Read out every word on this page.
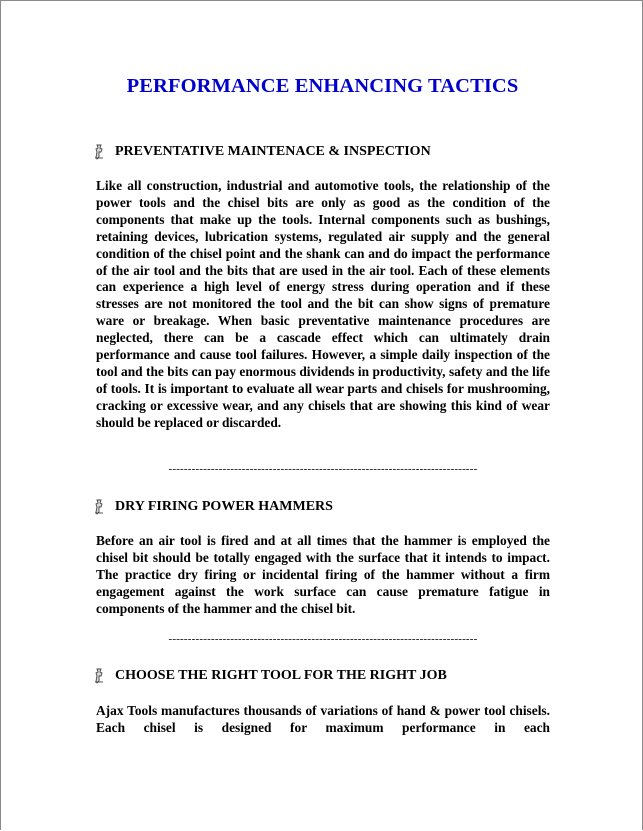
PERFORMANCE ENHANCING TACTICS
PREVENTATIVE MAINTENACE & INSPECTION

Like all construction, industrial and automotive tools, the relationship of the power tools and the chisel bits are only as good as the condition of the components that make up the tools. Internal components such as bushings, retaining devices, lubrication systems, regulated air supply and the general condition of the chisel point and the shank can and do impact the performance of the air tool and the bits that are used in the air tool. Each of these elements can experience a high level of energy stress during operation and if these stresses are not monitored the tool and the bit can show signs of premature ware or breakage. When basic preventative maintenance procedures are neglected, there can be a cascade effect which can ultimately drain performance and cause tool failures. However, a simple daily inspection of the tool and the bits can pay enormous dividends in productivity, safety and the life of tools. It is important to evaluate all wear parts and chisels for mushrooming, cracking or excessive wear, and any chisels that are showing this kind of wear should be replaced or discarded.

--------------------------------------------------------------------------------
DRY FIRING POWER HAMMERS

Before an air tool is fired and at all times that the hammer is employed the chisel bit should be totally engaged with the surface that it intends to impact. The practice dry firing or incidental firing of the hammer without a firm engagement against the work surface can cause premature fatigue in components of the hammer and the chisel bit.

--------------------------------------------------------------------------------
CHOOSE THE RIGHT TOOL FOR THE RIGHT JOB

Ajax Tools manufactures thousands of variations of hand & power tool chisels. Each chisel is designed for maximum performance in each
